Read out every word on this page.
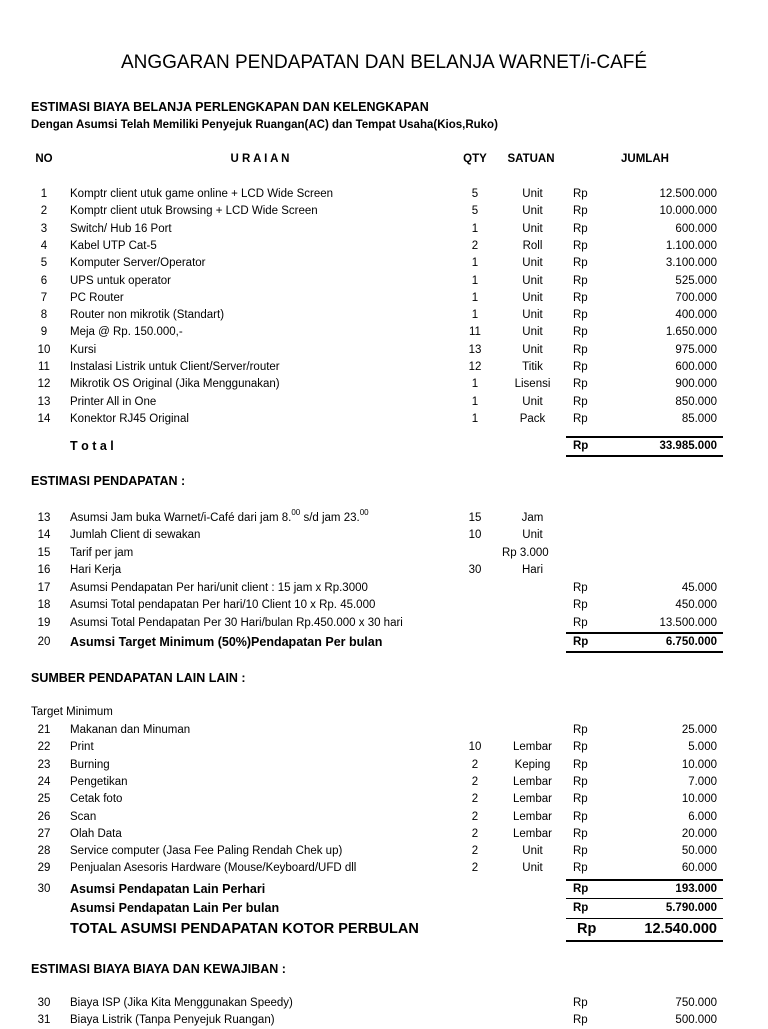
ANGGARAN PENDAPATAN DAN BELANJA WARNET/i-CAFÉ
ESTIMASI BIAYA BELANJA PERLENGKAPAN DAN KELENGKAPAN
Dengan Asumsi Telah Memiliki Penyejuk Ruangan(AC) dan Tempat Usaha(Kios,Ruko)
NO	U R A I A N	QTY	SATUAN	JUMLAH
1	Komptr client utuk game online + LCD Wide Screen	5	Unit	Rp	12.500.000
2	Komptr client utuk Browsing + LCD Wide Screen	5	Unit	Rp	10.000.000
3	Switch/ Hub 16 Port	1	Unit	Rp	600.000
4	Kabel UTP Cat-5	2	Roll	Rp	1.100.000
5	Komputer Server/Operator	1	Unit	Rp	3.100.000
6	UPS untuk operator	1	Unit	Rp	525.000
7	PC Router	1	Unit	Rp	700.000
8	Router non mikrotik (Standart)	1	Unit	Rp	400.000
9	Meja @ Rp. 150.000,-	11	Unit	Rp	1.650.000
10	Kursi	13	Unit	Rp	975.000
11	Instalasi Listrik untuk Client/Server/router	12	Titik	Rp	600.000
12	Mikrotik OS Original (Jika Menggunakan)	1	Lisensi	Rp	900.000
13	Printer All in One	1	Unit	Rp	850.000
14	Konektor RJ45 Original	1	Pack	Rp	85.000
T o t a l	Rp	33.985.000
ESTIMASI PENDAPATAN :
13	Asumsi Jam buka Warnet/i-Café dari jam 8.00 s/d jam 23.00	15	Jam
14	Jumlah Client di sewakan	10	Unit
15	Tarif per jam	Rp 3.000
16	Hari Kerja	30	Hari
17	Asumsi Pendapatan Per hari/unit client : 15 jam x Rp.3000	Rp	45.000
18	Asumsi Total pendapatan Per hari/10 Client 10 x Rp. 45.000	Rp	450.000
19	Asumsi Total Pendapatan Per 30 Hari/bulan Rp.450.000 x 30 hari	Rp	13.500.000
20	Asumsi Target Minimum (50%)Pendapatan Per bulan	Rp	6.750.000
SUMBER PENDAPATAN LAIN LAIN :
Target Minimum
21	Makanan dan Minuman	Rp	25.000
22	Print	10	Lembar	Rp	5.000
23	Burning	2	Keping	Rp	10.000
24	Pengetikan	2	Lembar	Rp	7.000
25	Cetak foto	2	Lembar	Rp	10.000
26	Scan	2	Lembar	Rp	6.000
27	Olah Data	2	Lembar	Rp	20.000
28	Service computer (Jasa Fee Paling Rendah Chek up)	2	Unit	Rp	50.000
29	Penjualan Asesoris Hardware (Mouse/Keyboard/UFD dll	2	Unit	Rp	60.000
30	Asumsi Pendapatan Lain Perhari	Rp	193.000
Asumsi Pendapatan Lain Per bulan	Rp	5.790.000
TOTAL ASUMSI PENDAPATAN KOTOR PERBULAN	Rp	12.540.000
ESTIMASI BIAYA BIAYA DAN KEWAJIBAN :
30	Biaya ISP (Jika Kita Menggunakan Speedy)	Rp	750.000
31	Biaya Listrik (Tanpa Penyejuk Ruangan)	Rp	500.000
